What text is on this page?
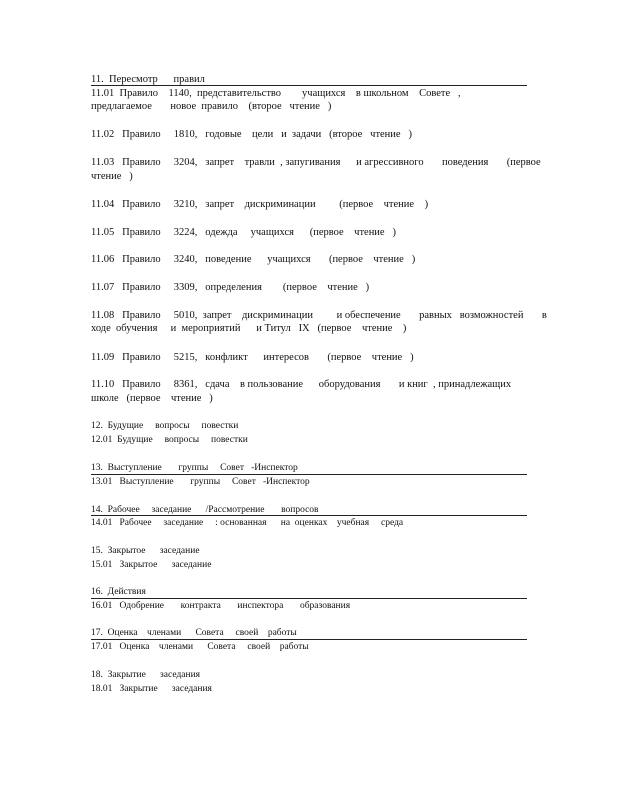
11.  Пересмотр      правил
11.01  Правило    1140,  представительство        учащихся    в школьном    Совете   ,
предлагаемое       новое  правило    (второе   чтение   )
11.02   Правило     1810,   годовые    цели   и  задачи   (второе   чтение   )
11.03   Правило     3204,   запрет    травли  , запугивания      и агрессивного       поведения       (первое
чтение   )
11.04   Правило     3210,   запрет    дискриминации         (первое    чтение    )
11.05   Правило     3224,   одежда     учащихся      (первое    чтение   )
11.06   Правило     3240,   поведение      учащихся       (первое    чтение   )
11.07   Правило     3309,   определения        (первое    чтение   )
11.08   Правило     5010,  запрет    дискриминации         и обеспечение       равных   возможностей       в
ходе  обучения     и  мероприятий      и Титул   IX   (первое    чтение    )
11.09   Правило     5215,   конфликт      интересов       (первое    чтение   )
11.10   Правило     8361,   сдача    в пользование      оборудования       и книг  , принадлежащих
школе   (первое    чтение   )
12.  Будущие     вопросы     повестки
12.01  Будущие     вопросы     повестки
13.  Выступление       группы     Совет   -Инспектор
13.01   Выступление       группы     Совет   -Инспектор
14.  Рабочее     заседание      /Рассмотрение       вопросов
14.01   Рабочее     заседание     : основанная      на  оценках    учебная     среда
15.  Закрытое      заседание
15.01   Закрытое      заседание
16.  Действия
16.01   Одобрение       контракта       инспектора       образования
17.  Оценка    членами      Совета     своей    работы
17.01   Оценка    членами      Совета     своей    работы
18.  Закрытие      заседания
18.01   Закрытие      заседания
